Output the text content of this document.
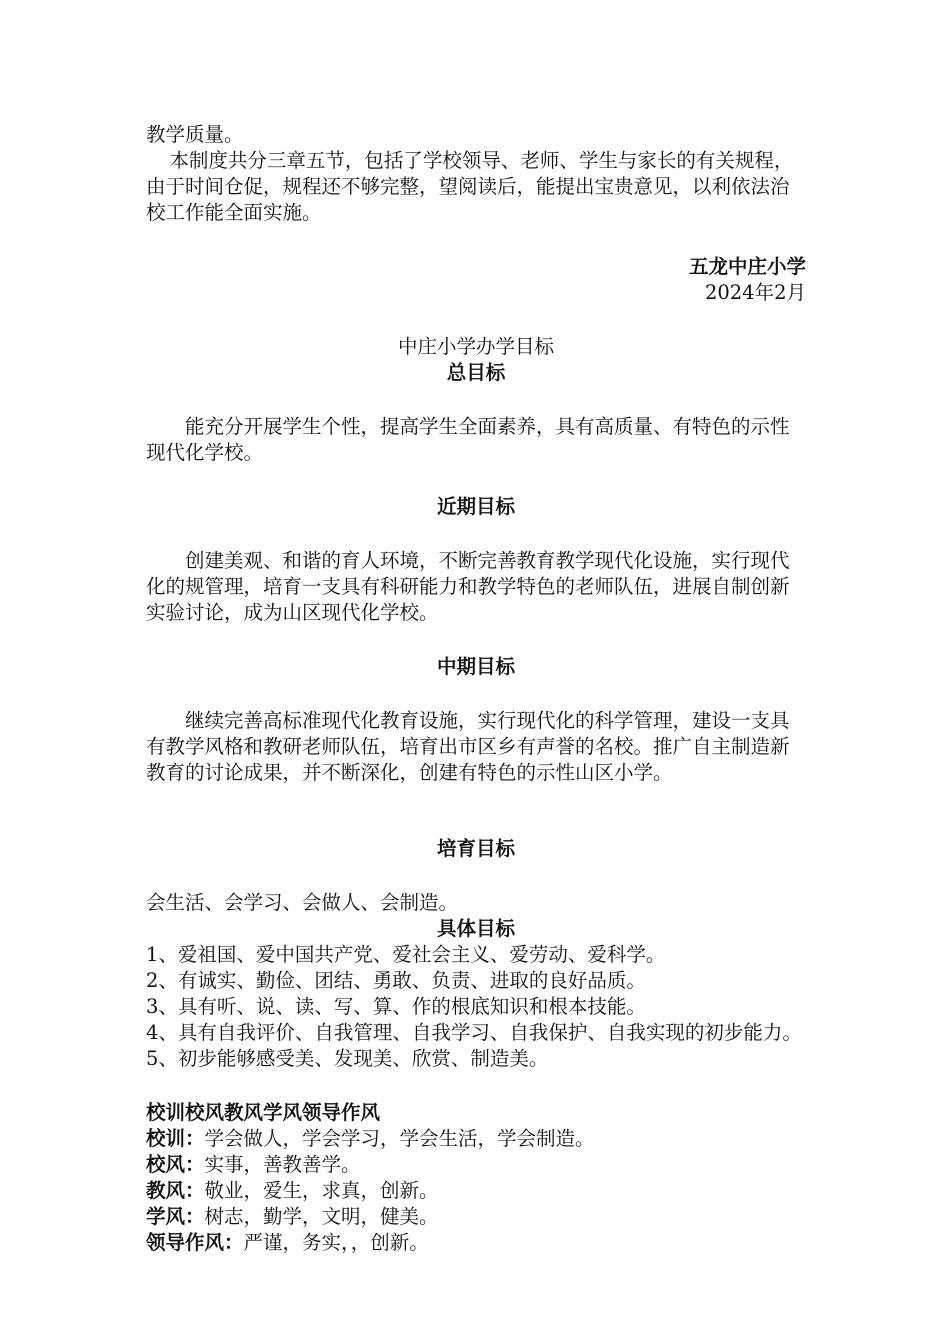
教学质量。

本制度共分三章五节，包括了学校领导、老师、学生与家长的有关规程，由于时间仓促，规程还不够完整，望阅读后，能提出宝贵意见，以利依法治校工作能全面实施。

五龙中庄小学

2024年2月

中庄小学办学目标

总目标

能充分开展学生个性，提高学生全面素养，具有高质量、有特色的示性现代化学校。

近期目标

创建美观、和谐的育人环境，不断完善教育教学现代化设施，实行现代化的规管理，培育一支具有科研能力和教学特色的老师队伍，进展自制创新实验讨论，成为山区现代化学校。

中期目标

继续完善高标准现代化教育设施，实行现代化的科学管理，建设一支具有教学风格和教研老师队伍，培育出市区乡有声誉的名校。推广自主制造新教育的讨论成果，并不断深化，创建有特色的示性山区小学。

培育目标

会生活、会学习、会做人、会制造。

具体目标

1、爱祖国、爱中国共产党、爱社会主义、爱劳动、爱科学。

2、有诚实、勤俭、团结、勇敢、负责、进取的良好品质。

3、具有听、说、读、写、算、作的根底知识和根本技能。

4、具有自我评价、自我管理、自我学习、自我保护、自我实现的初步能力。

5、初步能够感受美、发现美、欣赏、制造美。

校训校风教风学风领导作风

校训：学会做人，学会学习，学会生活，学会制造。

校风：实事，善教善学。

教风：敬业，爱生，求真，创新。

学风：树志，勤学，文明，健美。

领导作风：严谨，务实，，创新。
